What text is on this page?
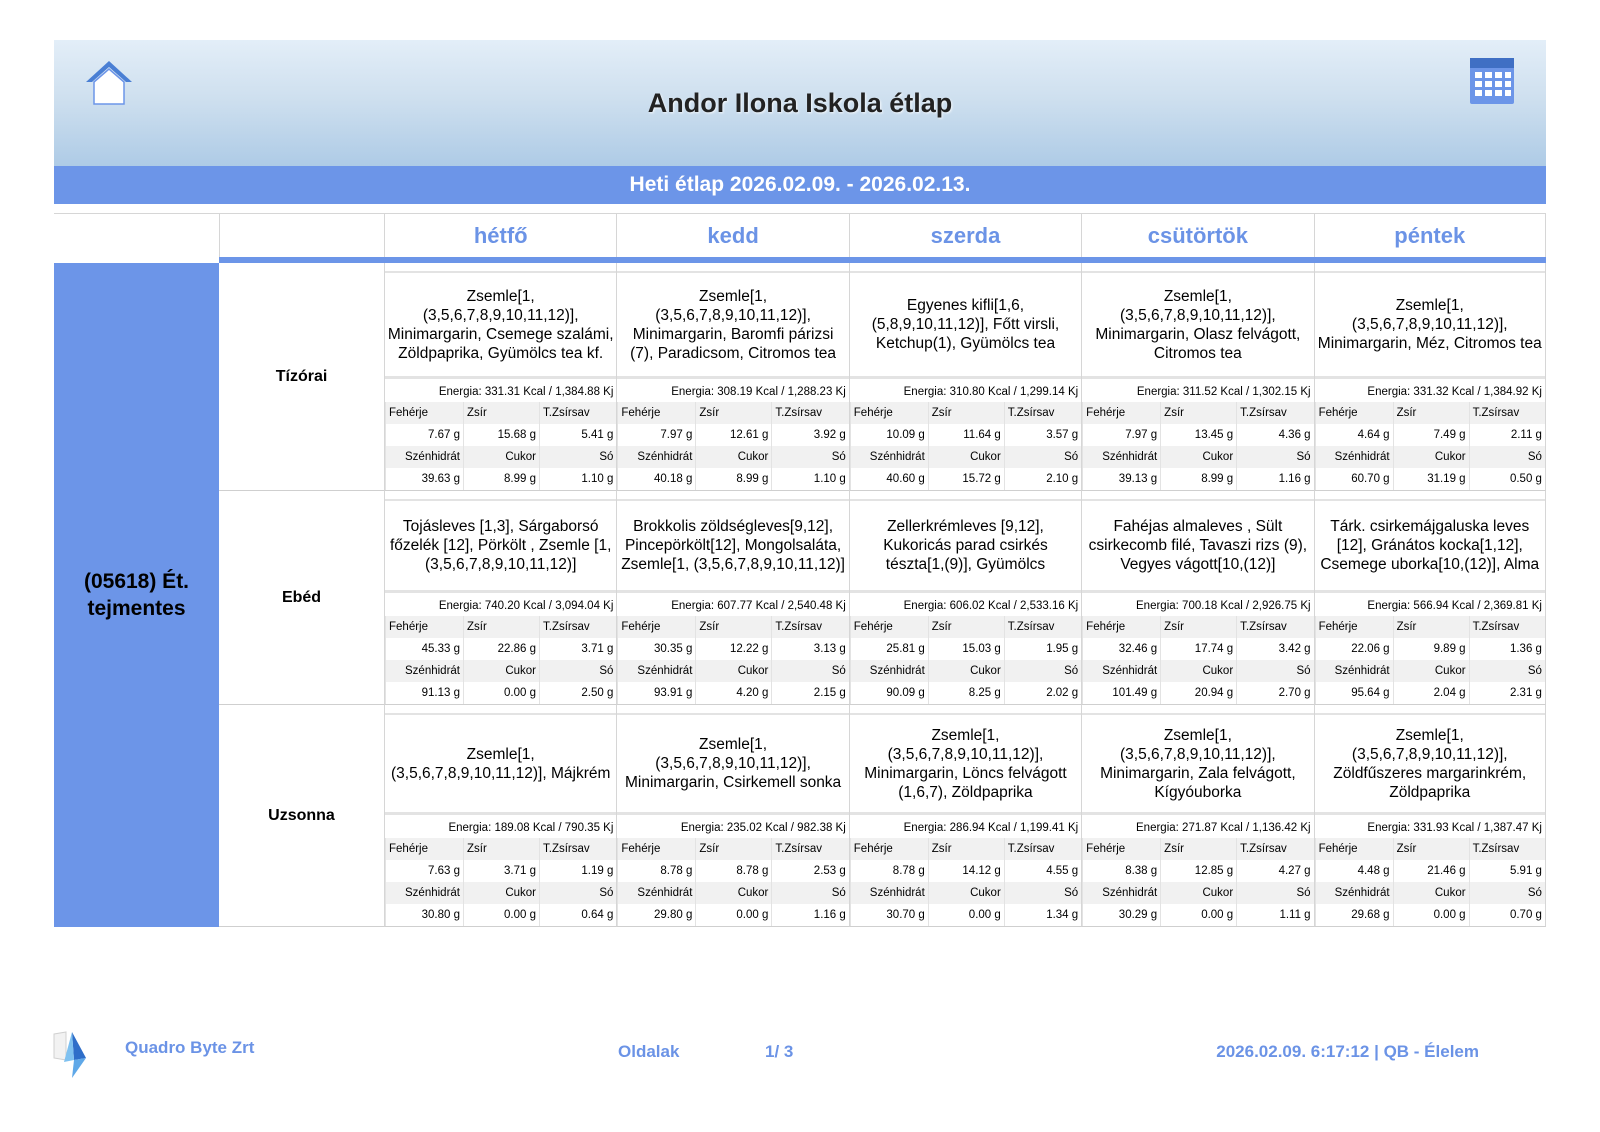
Andor Ilona Iskola étlap
Heti étlap 2026.02.09. - 2026.02.13.
hétfő	kedd	szerda	csütörtök	péntek
(05618) Ét. tejmentes
Tízórai
Zsemle[1, (3,5,6,7,8,9,10,11,12)], Minimargarin, Csemege szalámi, Zöldpaprika, Gyümölcs tea kf.
Energia: 331.31 Kcal / 1,384.88 Kj
Fehérje	Zsír	T.Zsírsav
7.67 g	15.68 g	5.41 g
Szénhidrát	Cukor	Só
39.63 g	8.99 g	1.10 g
Zsemle[1, (3,5,6,7,8,9,10,11,12)], Minimargarin, Baromfi párizsi (7), Paradicsom, Citromos tea
Energia: 308.19 Kcal / 1,288.23 Kj
Fehérje	Zsír	T.Zsírsav
7.97 g	12.61 g	3.92 g
Szénhidrát	Cukor	Só
40.18 g	8.99 g	1.10 g
Egyenes kifli[1,6, (5,8,9,10,11,12)], Főtt virsli, Ketchup(1), Gyümölcs tea
Energia: 310.80 Kcal / 1,299.14 Kj
Fehérje	Zsír	T.Zsírsav
10.09 g	11.64 g	3.57 g
Szénhidrát	Cukor	Só
40.60 g	15.72 g	2.10 g
Zsemle[1, (3,5,6,7,8,9,10,11,12)], Minimargarin, Olasz felvágott, Citromos tea
Energia: 311.52 Kcal / 1,302.15 Kj
Fehérje	Zsír	T.Zsírsav
7.97 g	13.45 g	4.36 g
Szénhidrát	Cukor	Só
39.13 g	8.99 g	1.16 g
Zsemle[1, (3,5,6,7,8,9,10,11,12)], Minimargarin, Méz, Citromos tea
Energia: 331.32 Kcal / 1,384.92 Kj
Fehérje	Zsír	T.Zsírsav
4.64 g	7.49 g	2.11 g
Szénhidrát	Cukor	Só
60.70 g	31.19 g	0.50 g
Ebéd
Tojásleves [1,3], Sárgaborsó főzelék [12], Pörkölt , Zsemle [1,(3,5,6,7,8,9,10,11,12)]
Energia: 740.20 Kcal / 3,094.04 Kj
Fehérje	Zsír	T.Zsírsav
45.33 g	22.86 g	3.71 g
Szénhidrát	Cukor	Só
91.13 g	0.00 g	2.50 g
Brokkolis zöldségleves[9,12], Pincepörkölt[12], Mongolsaláta, Zsemle[1, (3,5,6,7,8,9,10,11,12)]
Energia: 607.77 Kcal / 2,540.48 Kj
Fehérje	Zsír	T.Zsírsav
30.35 g	12.22 g	3.13 g
Szénhidrát	Cukor	Só
93.91 g	4.20 g	2.15 g
Zellerkrémleves [9,12], Kukoricás parad csirkés tészta[1,(9)], Gyümölcs
Energia: 606.02 Kcal / 2,533.16 Kj
Fehérje	Zsír	T.Zsírsav
25.81 g	15.03 g	1.95 g
Szénhidrát	Cukor	Só
90.09 g	8.25 g	2.02 g
Fahéjas almaleves , Sült csirkecomb filé, Tavaszi rizs (9), Vegyes vágott[10,(12)]
Energia: 700.18 Kcal / 2,926.75 Kj
Fehérje	Zsír	T.Zsírsav
32.46 g	17.74 g	3.42 g
Szénhidrát	Cukor	Só
101.49 g	20.94 g	2.70 g
Tárk. csirkemájgaluska leves [12], Gránátos kocka[1,12], Csemege uborka[10,(12)], Alma
Energia: 566.94 Kcal / 2,369.81 Kj
Fehérje	Zsír	T.Zsírsav
22.06 g	9.89 g	1.36 g
Szénhidrát	Cukor	Só
95.64 g	2.04 g	2.31 g
Uzsonna
Zsemle[1, (3,5,6,7,8,9,10,11,12)], Májkrém
Energia: 189.08 Kcal / 790.35 Kj
Fehérje	Zsír	T.Zsírsav
7.63 g	3.71 g	1.19 g
Szénhidrát	Cukor	Só
30.80 g	0.00 g	0.64 g
Zsemle[1, (3,5,6,7,8,9,10,11,12)], Minimargarin, Csirkemell sonka
Energia: 235.02 Kcal / 982.38 Kj
Fehérje	Zsír	T.Zsírsav
8.78 g	8.78 g	2.53 g
Szénhidrát	Cukor	Só
29.80 g	0.00 g	1.16 g
Zsemle[1, (3,5,6,7,8,9,10,11,12)], Minimargarin, Löncs felvágott (1,6,7), Zöldpaprika
Energia: 286.94 Kcal / 1,199.41 Kj
Fehérje	Zsír	T.Zsírsav
8.78 g	14.12 g	4.55 g
Szénhidrát	Cukor	Só
30.70 g	0.00 g	1.34 g
Zsemle[1, (3,5,6,7,8,9,10,11,12)], Minimargarin, Zala felvágott, Kígyóuborka
Energia: 271.87 Kcal / 1,136.42 Kj
Fehérje	Zsír	T.Zsírsav
8.38 g	12.85 g	4.27 g
Szénhidrát	Cukor	Só
30.29 g	0.00 g	1.11 g
Zsemle[1, (3,5,6,7,8,9,10,11,12)], Zöldfűszeres margarinkrém, Zöldpaprika
Energia: 331.93 Kcal / 1,387.47 Kj
Fehérje	Zsír	T.Zsírsav
4.48 g	21.46 g	5.91 g
Szénhidrát	Cukor	Só
29.68 g	0.00 g	0.70 g
Quadro Byte Zrt	Oldalak	1/ 3	2026.02.09. 6:17:12 | QB - Élelem
